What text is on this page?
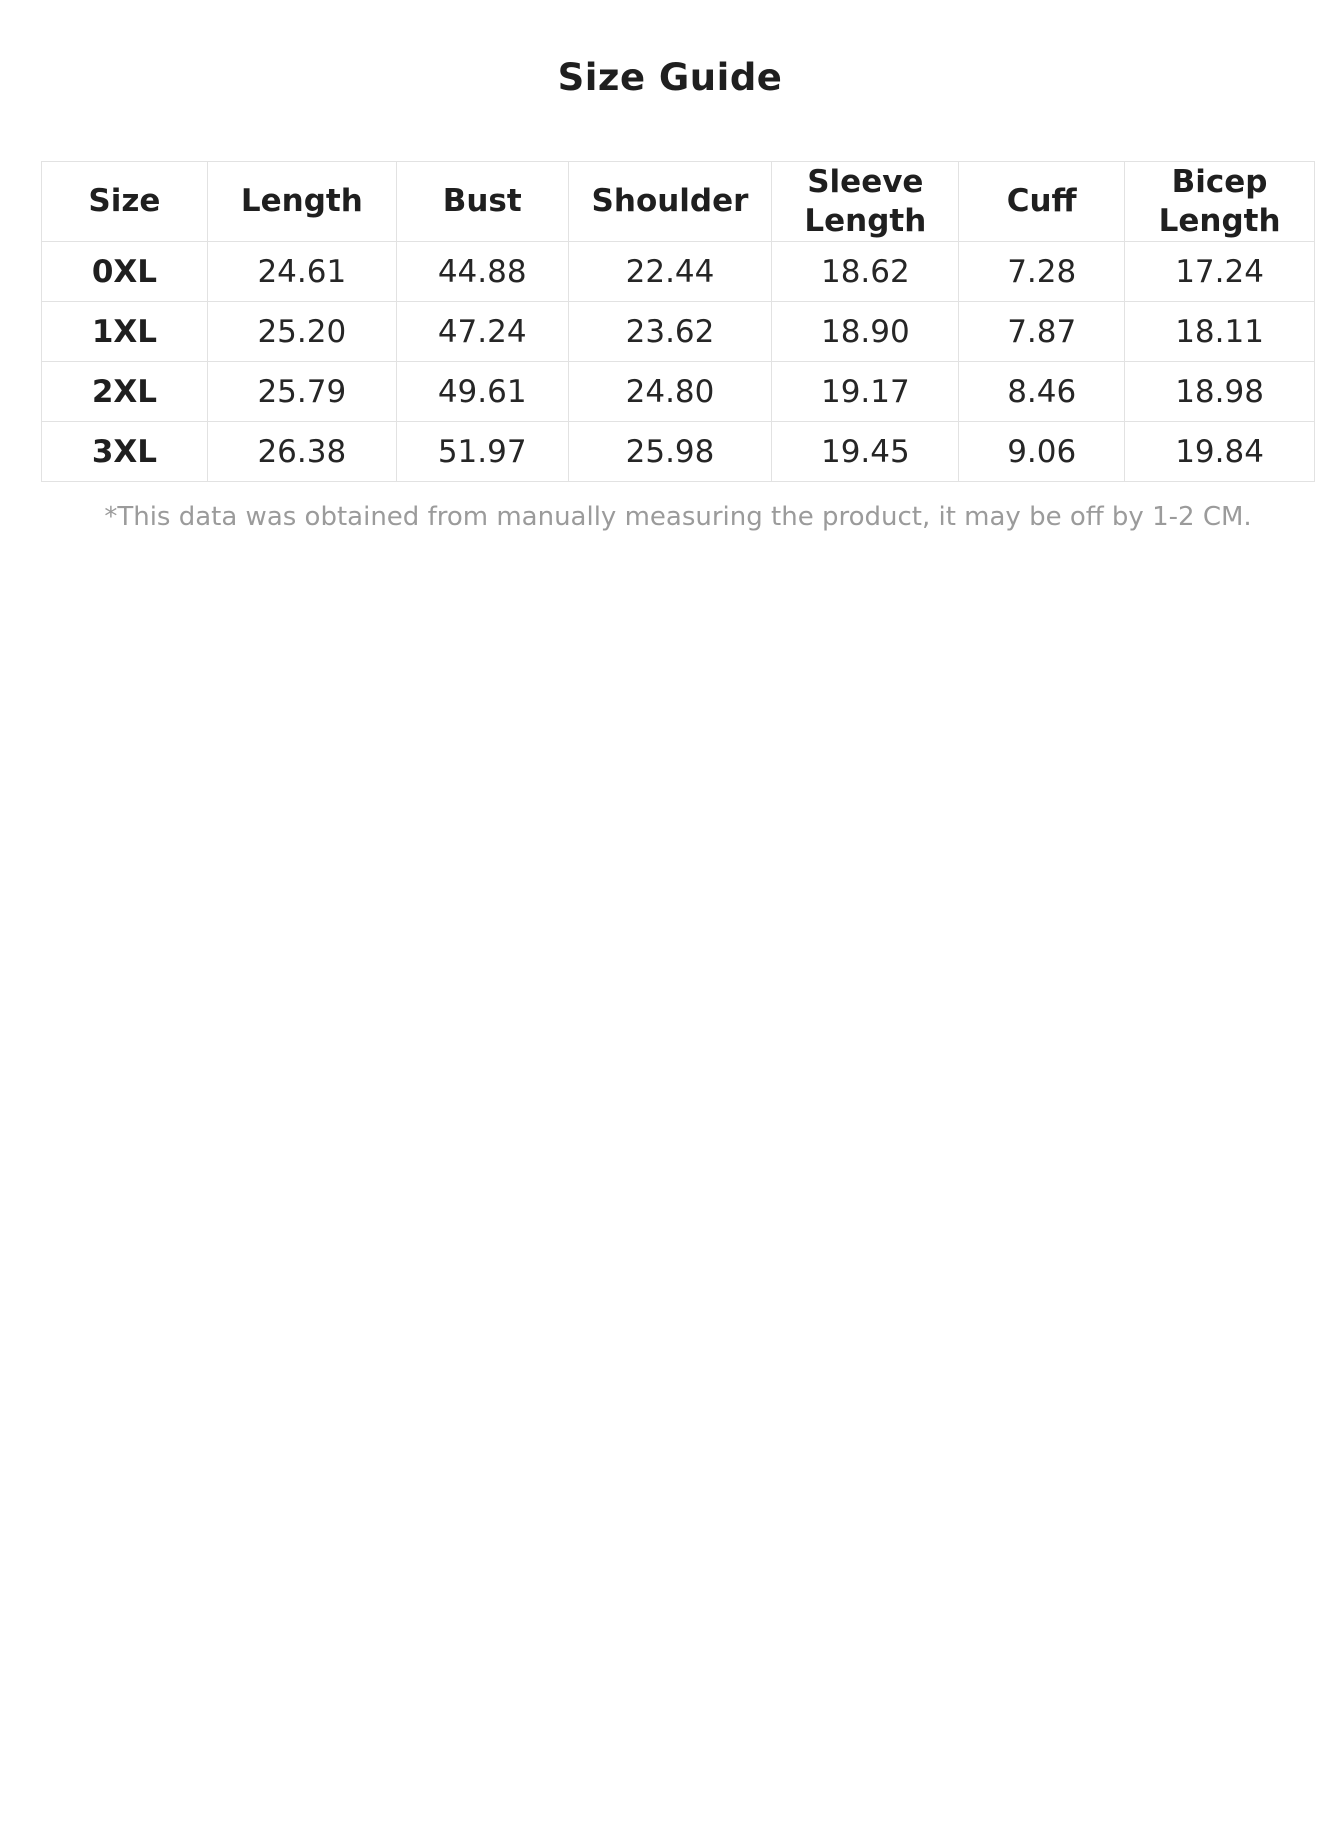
Size Guide
Size	Length	Bust	Shoulder	Sleeve Length	Cuff	Bicep Length
0XL	24.61	44.88	22.44	18.62	7.28	17.24
1XL	25.20	47.24	23.62	18.90	7.87	18.11
2XL	25.79	49.61	24.80	19.17	8.46	18.98
3XL	26.38	51.97	25.98	19.45	9.06	19.84

*This data was obtained from manually measuring the product, it may be off by 1-2 CM.
